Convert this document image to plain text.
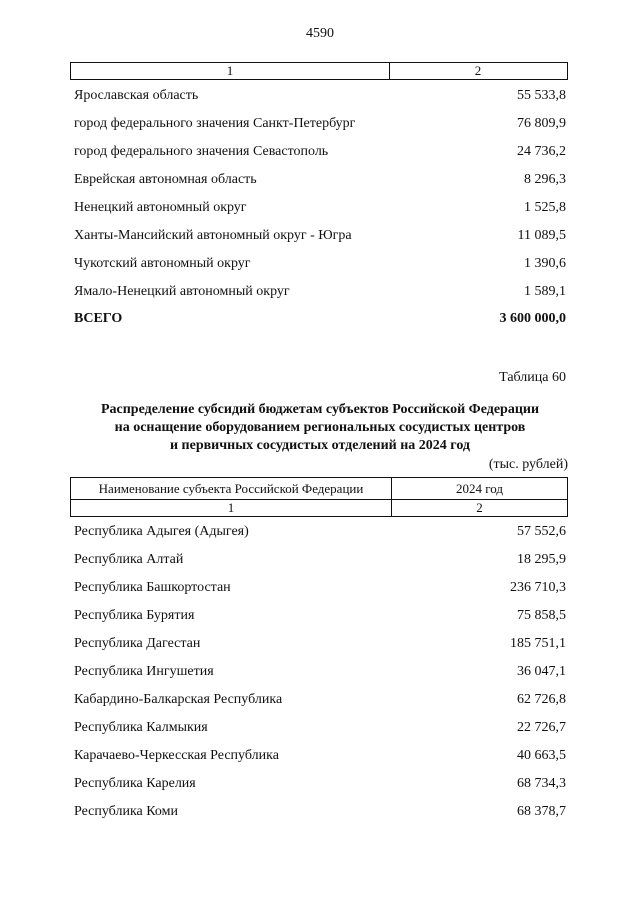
4590
1	2
Ярославская область	55 533,8
город федерального значения Санкт-Петербург	76 809,9
город федерального значения Севастополь	24 736,2
Еврейская автономная область	8 296,3
Ненецкий автономный округ	1 525,8
Ханты-Мансийский автономный округ - Югра	11 089,5
Чукотский автономный округ	1 390,6
Ямало-Ненецкий автономный округ	1 589,1
ВСЕГО	3 600 000,0
Таблица 60
Распределение субсидий бюджетам субъектов Российской Федерации
на оснащение оборудованием региональных сосудистых центров
и первичных сосудистых отделений на 2024 год
(тыс. рублей)
Наименование субъекта Российской Федерации	2024 год
1	2
Республика Адыгея (Адыгея)	57 552,6
Республика Алтай	18 295,9
Республика Башкортостан	236 710,3
Республика Бурятия	75 858,5
Республика Дагестан	185 751,1
Республика Ингушетия	36 047,1
Кабардино-Балкарская Республика	62 726,8
Республика Калмыкия	22 726,7
Карачаево-Черкесская Республика	40 663,5
Республика Карелия	68 734,3
Республика Коми	68 378,7
